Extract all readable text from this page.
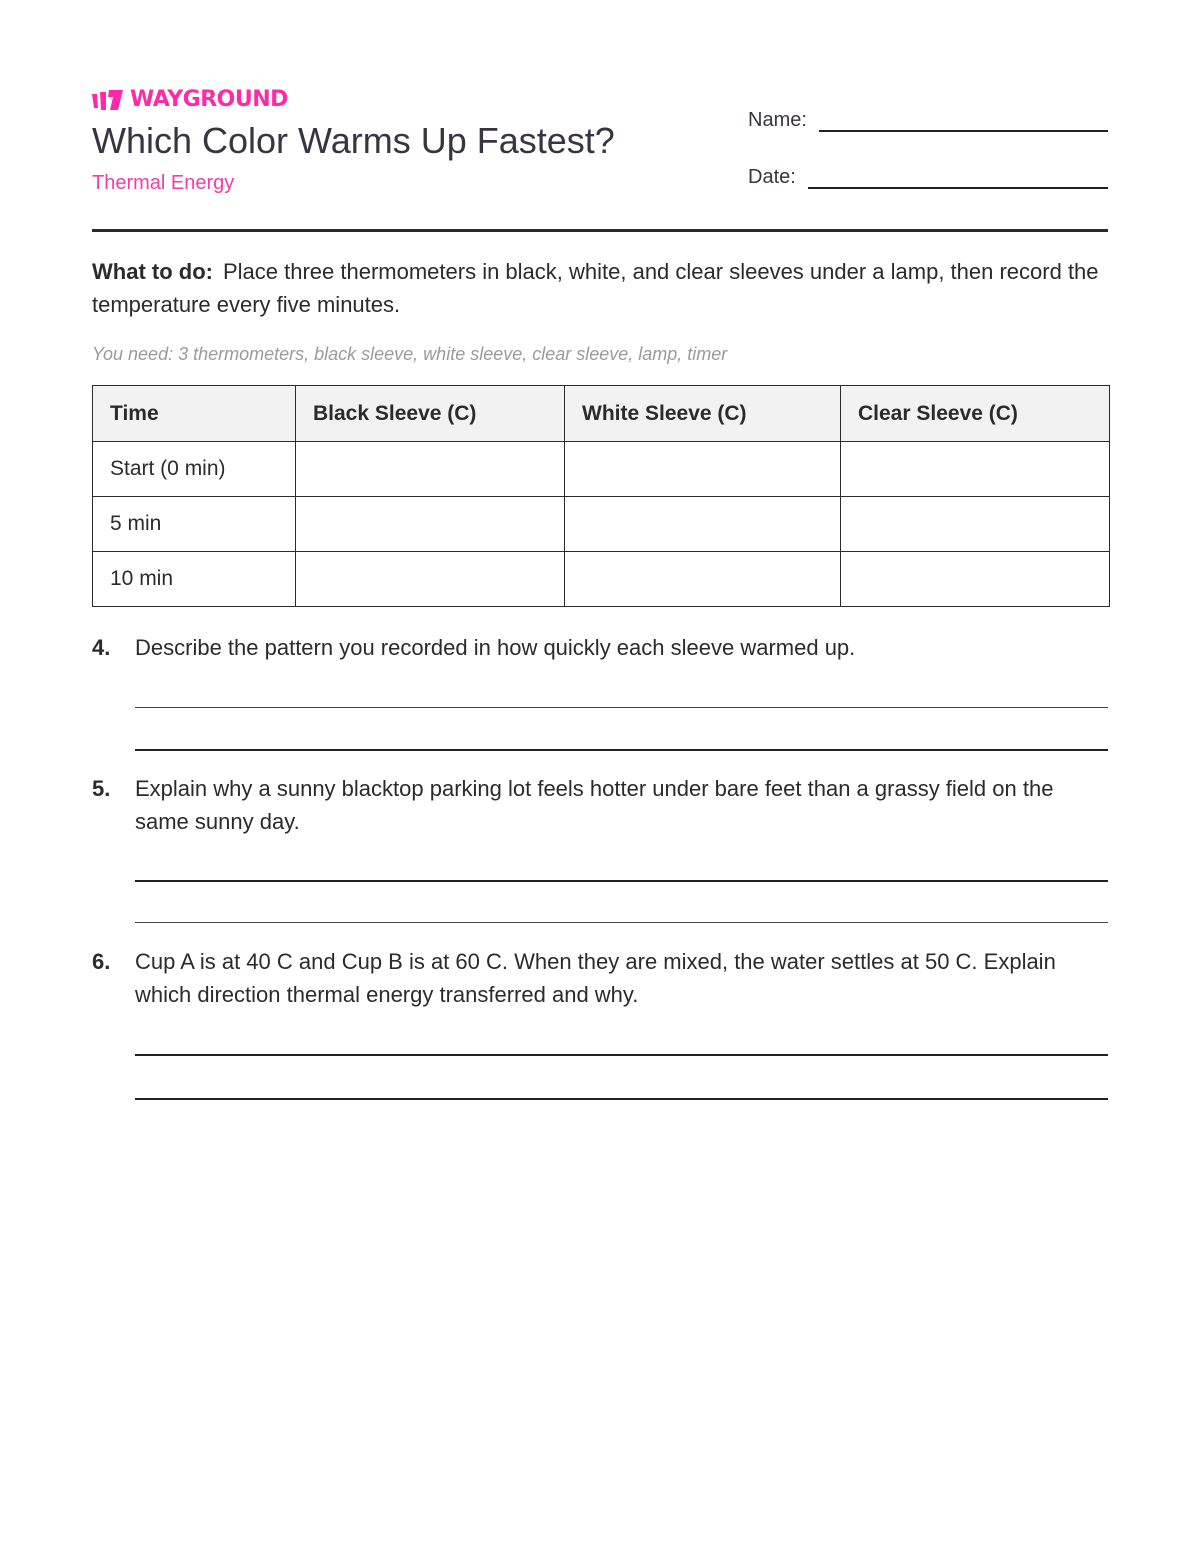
WAYGROUND
Which Color Warms Up Fastest?
Thermal Energy
Name:
Date:
What to do: Place three thermometers in black, white, and clear sleeves under a lamp, then record the temperature every five minutes.
You need: 3 thermometers, black sleeve, white sleeve, clear sleeve, lamp, timer
Time	Black Sleeve (C)	White Sleeve (C)	Clear Sleeve (C)
Start (0 min)			
5 min			
10 min			
4.	Describe the pattern you recorded in how quickly each sleeve warmed up.
5.	Explain why a sunny blacktop parking lot feels hotter under bare feet than a grassy field on the same sunny day.
6.	Cup A is at 40 C and Cup B is at 60 C. When they are mixed, the water settles at 50 C. Explain which direction thermal energy transferred and why.
